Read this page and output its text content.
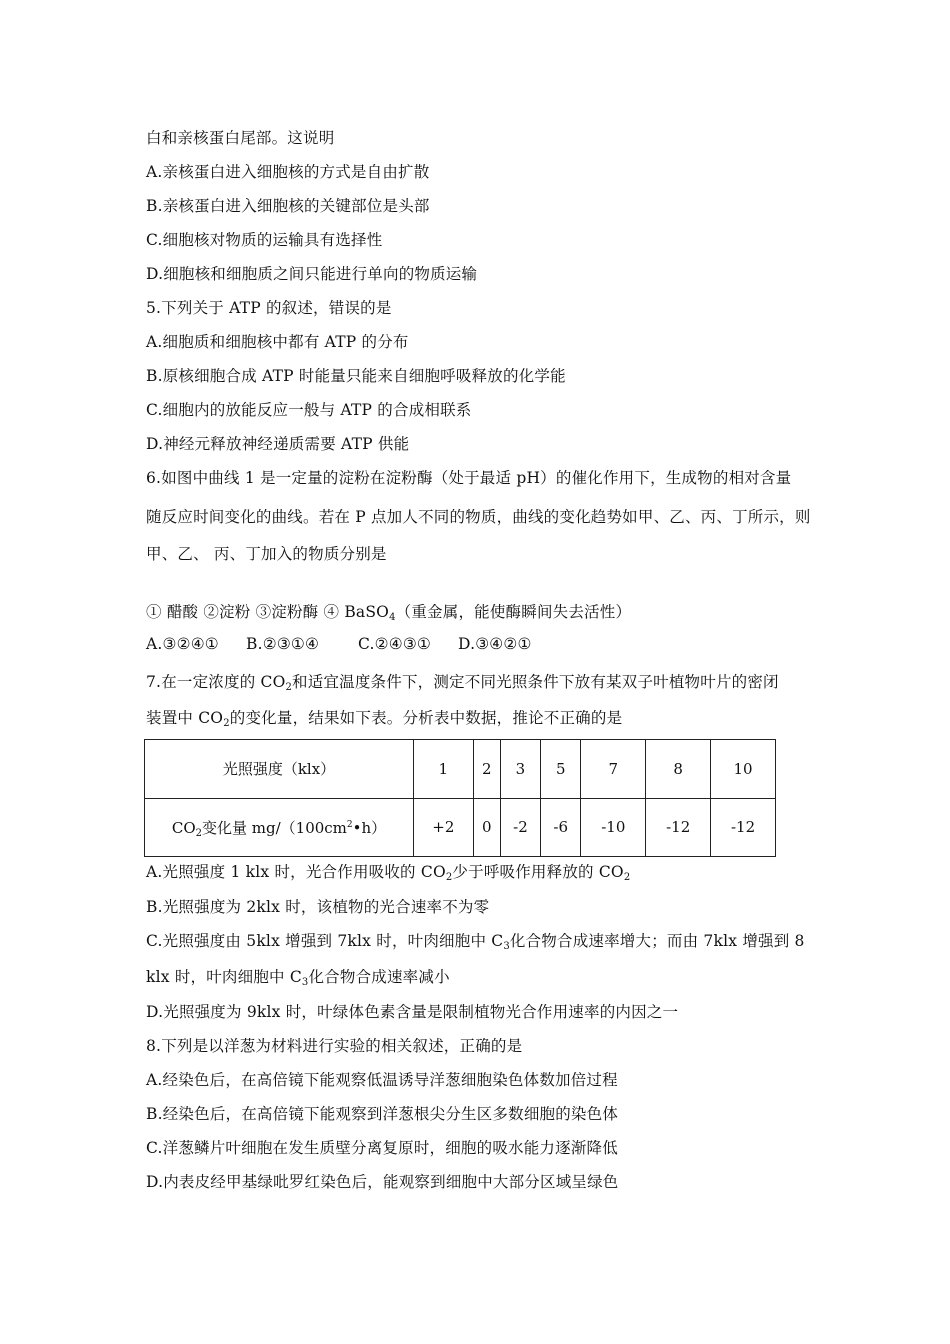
白和亲核蛋白尾部。这说明
A.亲核蛋白进入细胞核的方式是自由扩散
B.亲核蛋白进入细胞核的关键部位是头部
C.细胞核对物质的运输具有选择性
D.细胞核和细胞质之间只能进行单向的物质运输
5.下列关于 ATP 的叙述，错误的是
A.细胞质和细胞核中都有 ATP 的分布
B.原核细胞合成 ATP 时能量只能来自细胞呼吸释放的化学能
C.细胞内的放能反应一般与 ATP 的合成相联系
D.神经元释放神经递质需要 ATP 供能
6.如图中曲线 1 是一定量的淀粉在淀粉酶（处于最适 pH）的催化作用下，生成物的相对含量
随反应时间变化的曲线。若在 P 点加人不同的物质，曲线的变化趋势如甲、乙、丙、丁所示，则
甲、乙、 丙、丁加入的物质分别是
① 醋酸 ②淀粉 ③淀粉酶 ④ BaSO$_4$（重金属，能使酶瞬间失去活性）
A.③②④① B.②③①④	C.②④③① D.③④②①
7.在一定浓度的 $CO_2$和适宜温度条件下，测定不同光照条件下放有某双子叶植物叶片的密闭
装置中 $CO_2$的变化量，结果如下表。分析表中数据，推论不正确的是
光照强度（klx）	1	2	3	5	7	8	10
$CO_2$变化量 $mg/(100cm^2•h)$	+2	0	-2	-6	-10	-12	-12
A.光照强度 1 klx 时，光合作用吸收的 $CO_2$少于呼吸作用释放的 $CO_2$
B.光照强度为 2klx 时，该植物的光合速率不为零
C.光照强度由 5klx 增强到 7klx 时，叶肉细胞中 $C_3$化合物合成速率增大；而由 7klx 增强到 8
klx 时，叶肉细胞中 $C_3$化合物合成速率减小
D.光照强度为 9klx 时，叶绿体色素含量是限制植物光合作用速率的内因之一
8.下列是以洋葱为材料进行实验的相关叙述，正确的是
A.经染色后，在高倍镜下能观察低温诱导洋葱细胞染色体数加倍过程
B.经染色后，在高倍镜下能观察到洋葱根尖分生区多数细胞的染色体
C.洋葱鳞片叶细胞在发生质壁分离复原时，细胞的吸水能力逐渐降低
D.内表皮经甲基绿吡罗红染色后，能观察到细胞中大部分区域呈绿色
